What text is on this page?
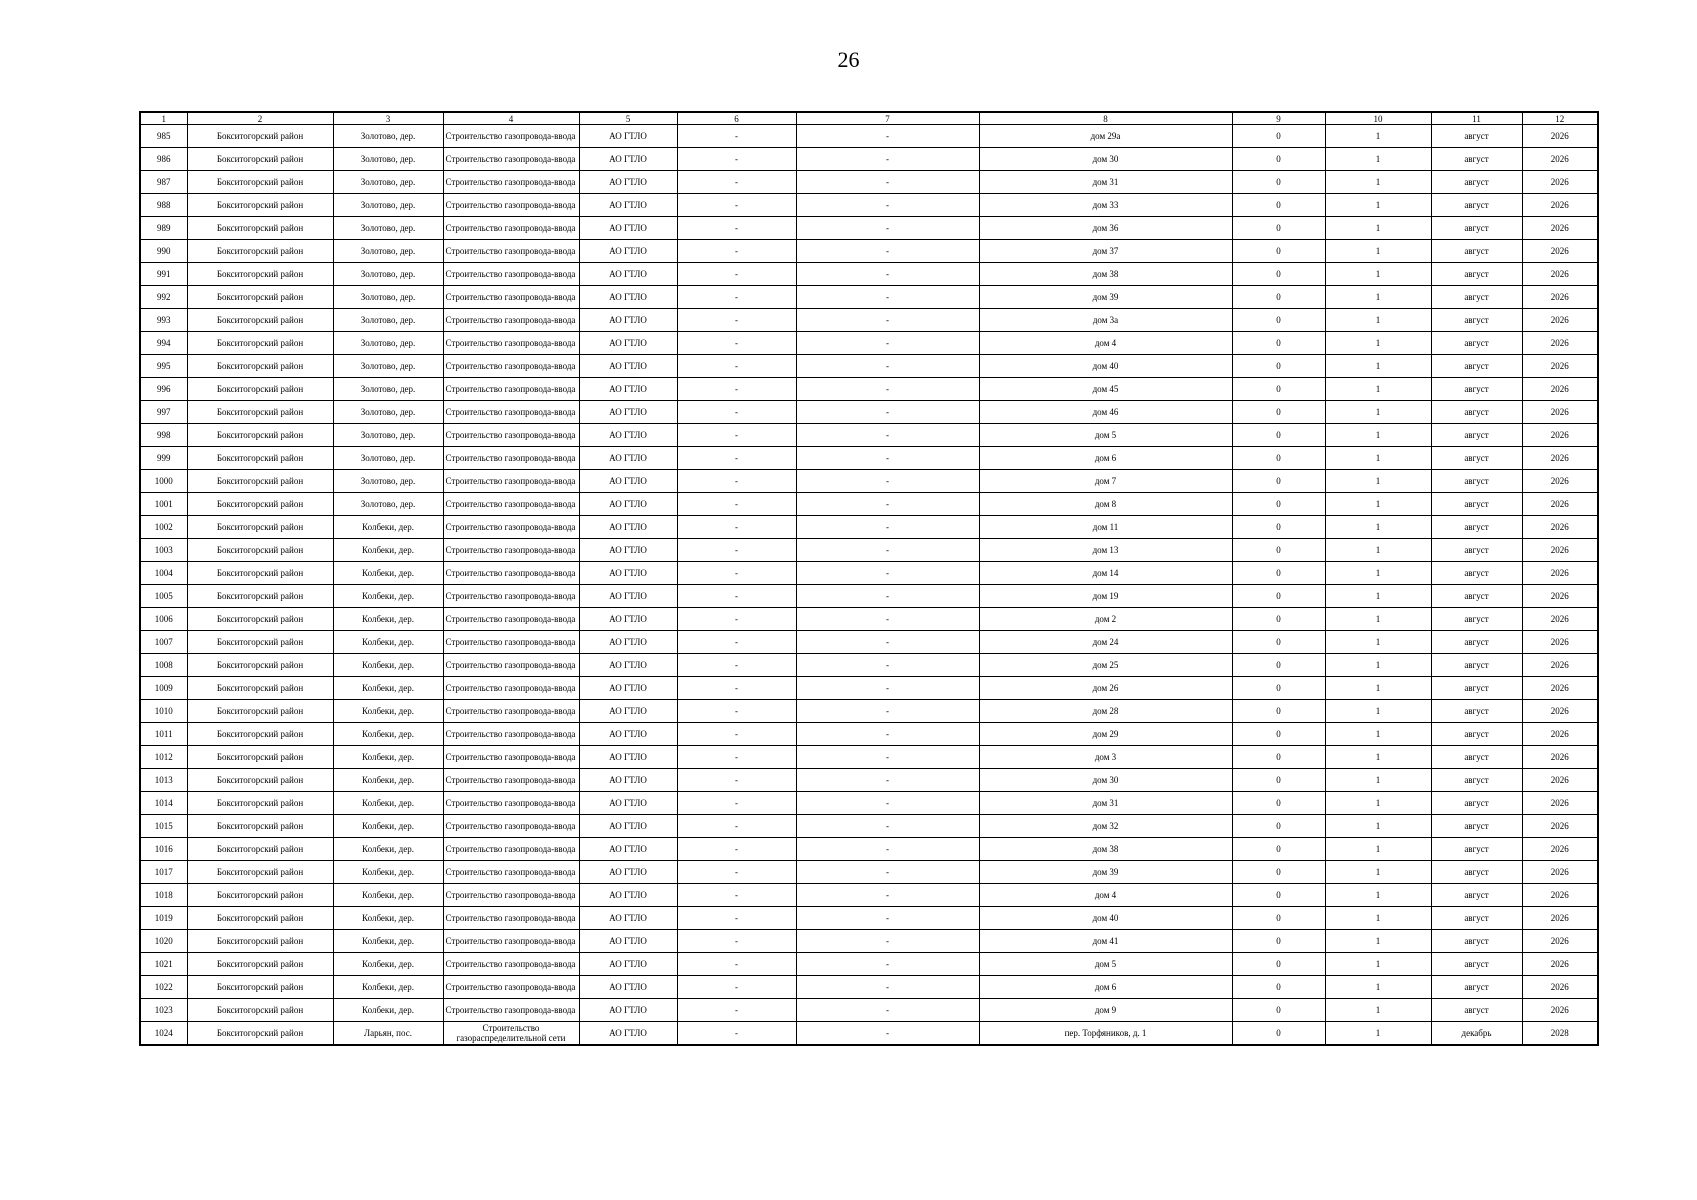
26
1	2	3	4	5	6	7	8	9	10	11	12
985	Бокситогорский район	Золотово, дер.	Строительство газопровода-ввода	АО ГТЛО	-	-	дом 29а	0	1	август	2026
986	Бокситогорский район	Золотово, дер.	Строительство газопровода-ввода	АО ГТЛО	-	-	дом 30	0	1	август	2026
987	Бокситогорский район	Золотово, дер.	Строительство газопровода-ввода	АО ГТЛО	-	-	дом 31	0	1	август	2026
988	Бокситогорский район	Золотово, дер.	Строительство газопровода-ввода	АО ГТЛО	-	-	дом 33	0	1	август	2026
989	Бокситогорский район	Золотово, дер.	Строительство газопровода-ввода	АО ГТЛО	-	-	дом 36	0	1	август	2026
990	Бокситогорский район	Золотово, дер.	Строительство газопровода-ввода	АО ГТЛО	-	-	дом 37	0	1	август	2026
991	Бокситогорский район	Золотово, дер.	Строительство газопровода-ввода	АО ГТЛО	-	-	дом 38	0	1	август	2026
992	Бокситогорский район	Золотово, дер.	Строительство газопровода-ввода	АО ГТЛО	-	-	дом 39	0	1	август	2026
993	Бокситогорский район	Золотово, дер.	Строительство газопровода-ввода	АО ГТЛО	-	-	дом 3а	0	1	август	2026
994	Бокситогорский район	Золотово, дер.	Строительство газопровода-ввода	АО ГТЛО	-	-	дом 4	0	1	август	2026
995	Бокситогорский район	Золотово, дер.	Строительство газопровода-ввода	АО ГТЛО	-	-	дом 40	0	1	август	2026
996	Бокситогорский район	Золотово, дер.	Строительство газопровода-ввода	АО ГТЛО	-	-	дом 45	0	1	август	2026
997	Бокситогорский район	Золотово, дер.	Строительство газопровода-ввода	АО ГТЛО	-	-	дом 46	0	1	август	2026
998	Бокситогорский район	Золотово, дер.	Строительство газопровода-ввода	АО ГТЛО	-	-	дом 5	0	1	август	2026
999	Бокситогорский район	Золотово, дер.	Строительство газопровода-ввода	АО ГТЛО	-	-	дом 6	0	1	август	2026
1000	Бокситогорский район	Золотово, дер.	Строительство газопровода-ввода	АО ГТЛО	-	-	дом 7	0	1	август	2026
1001	Бокситогорский район	Золотово, дер.	Строительство газопровода-ввода	АО ГТЛО	-	-	дом 8	0	1	август	2026
1002	Бокситогорский район	Колбеки, дер.	Строительство газопровода-ввода	АО ГТЛО	-	-	дом 11	0	1	август	2026
1003	Бокситогорский район	Колбеки, дер.	Строительство газопровода-ввода	АО ГТЛО	-	-	дом 13	0	1	август	2026
1004	Бокситогорский район	Колбеки, дер.	Строительство газопровода-ввода	АО ГТЛО	-	-	дом 14	0	1	август	2026
1005	Бокситогорский район	Колбеки, дер.	Строительство газопровода-ввода	АО ГТЛО	-	-	дом 19	0	1	август	2026
1006	Бокситогорский район	Колбеки, дер.	Строительство газопровода-ввода	АО ГТЛО	-	-	дом 2	0	1	август	2026
1007	Бокситогорский район	Колбеки, дер.	Строительство газопровода-ввода	АО ГТЛО	-	-	дом 24	0	1	август	2026
1008	Бокситогорский район	Колбеки, дер.	Строительство газопровода-ввода	АО ГТЛО	-	-	дом 25	0	1	август	2026
1009	Бокситогорский район	Колбеки, дер.	Строительство газопровода-ввода	АО ГТЛО	-	-	дом 26	0	1	август	2026
1010	Бокситогорский район	Колбеки, дер.	Строительство газопровода-ввода	АО ГТЛО	-	-	дом 28	0	1	август	2026
1011	Бокситогорский район	Колбеки, дер.	Строительство газопровода-ввода	АО ГТЛО	-	-	дом 29	0	1	август	2026
1012	Бокситогорский район	Колбеки, дер.	Строительство газопровода-ввода	АО ГТЛО	-	-	дом 3	0	1	август	2026
1013	Бокситогорский район	Колбеки, дер.	Строительство газопровода-ввода	АО ГТЛО	-	-	дом 30	0	1	август	2026
1014	Бокситогорский район	Колбеки, дер.	Строительство газопровода-ввода	АО ГТЛО	-	-	дом 31	0	1	август	2026
1015	Бокситогорский район	Колбеки, дер.	Строительство газопровода-ввода	АО ГТЛО	-	-	дом 32	0	1	август	2026
1016	Бокситогорский район	Колбеки, дер.	Строительство газопровода-ввода	АО ГТЛО	-	-	дом 38	0	1	август	2026
1017	Бокситогорский район	Колбеки, дер.	Строительство газопровода-ввода	АО ГТЛО	-	-	дом 39	0	1	август	2026
1018	Бокситогорский район	Колбеки, дер.	Строительство газопровода-ввода	АО ГТЛО	-	-	дом 4	0	1	август	2026
1019	Бокситогорский район	Колбеки, дер.	Строительство газопровода-ввода	АО ГТЛО	-	-	дом 40	0	1	август	2026
1020	Бокситогорский район	Колбеки, дер.	Строительство газопровода-ввода	АО ГТЛО	-	-	дом 41	0	1	август	2026
1021	Бокситогорский район	Колбеки, дер.	Строительство газопровода-ввода	АО ГТЛО	-	-	дом 5	0	1	август	2026
1022	Бокситогорский район	Колбеки, дер.	Строительство газопровода-ввода	АО ГТЛО	-	-	дом 6	0	1	август	2026
1023	Бокситогорский район	Колбеки, дер.	Строительство газопровода-ввода	АО ГТЛО	-	-	дом 9	0	1	август	2026
1024	Бокситогорский район	Ларьян, пос.	Строительство газораспределительной сети	АО ГТЛО	-	-	пер. Торфяников, д. 1	0	1	декабрь	2028
